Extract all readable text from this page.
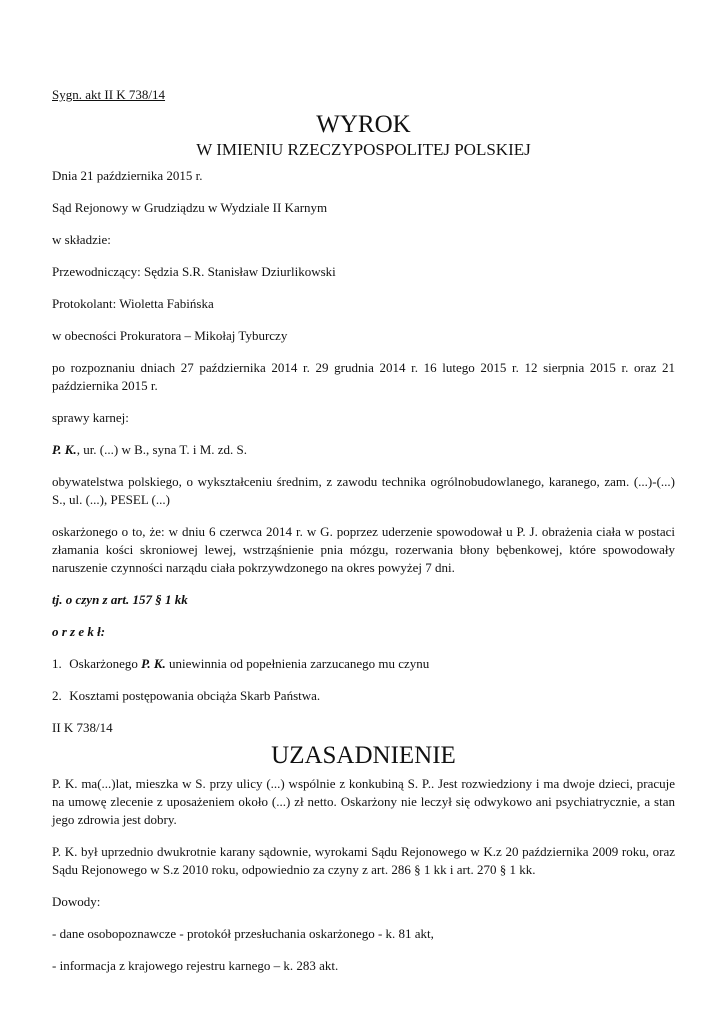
Sygn. akt II K 738/14

WYROK
W IMIENIU RZECZYPOSPOLITEJ POLSKIEJ

Dnia 21 października 2015 r.

Sąd Rejonowy w Grudziądzu w Wydziale II Karnym

w składzie:

Przewodniczący: Sędzia S.R. Stanisław Dziurlikowski

Protokolant: Wioletta Fabińska

w obecności Prokuratora – Mikołaj Tyburczy

po rozpoznaniu dniach 27 października 2014 r. 29 grudnia 2014 r. 16 lutego 2015 r. 12 sierpnia 2015 r. oraz 21 października 2015 r.

sprawy karnej:

P. K., ur. (...) w B., syna T. i M. zd. S.

obywatelstwa polskiego, o wykształceniu średnim, z zawodu technika ogrólnobudowlanego, karanego, zam. (...)-(...) S., ul. (...), PESEL (...)

oskarżonego o to, że: w dniu 6 czerwca 2014 r. w G. poprzez uderzenie spowodował u P. J. obrażenia ciała w postaci złamania kości skroniowej lewej, wstrząśnienie pnia mózgu, rozerwania błony bębenkowej, które spowodowały naruszenie czynności narządu ciała pokrzywdzonego na okres powyżej 7 dni.

tj. o czyn z art. 157 § 1 kk

o r z e k ł:

1. Oskarżonego P. K. uniewinnia od popełnienia zarzucanego mu czynu

2. Kosztami postępowania obciąża Skarb Państwa.

II K 738/14

UZASADNIENIE

P. K. ma(...)lat, mieszka w S. przy ulicy (...) wspólnie z konkubiną S. P.. Jest rozwiedziony i ma dwoje dzieci, pracuje na umowę zlecenie z uposażeniem około (...) zł netto. Oskarżony nie leczył się odwykowo ani psychiatrycznie, a stan jego zdrowia jest dobry.

P. K. był uprzednio dwukrotnie karany sądownie, wyrokami Sądu Rejonowego w K.z 20 października 2009 roku, oraz Sądu Rejonowego w S.z 2010 roku, odpowiednio za czyny z art. 286 § 1 kk i art. 270 § 1 kk.

Dowody:

- dane osobopoznawcze - protokół przesłuchania oskarżonego - k. 81 akt,

- informacja z krajowego rejestru karnego – k. 283 akt.
